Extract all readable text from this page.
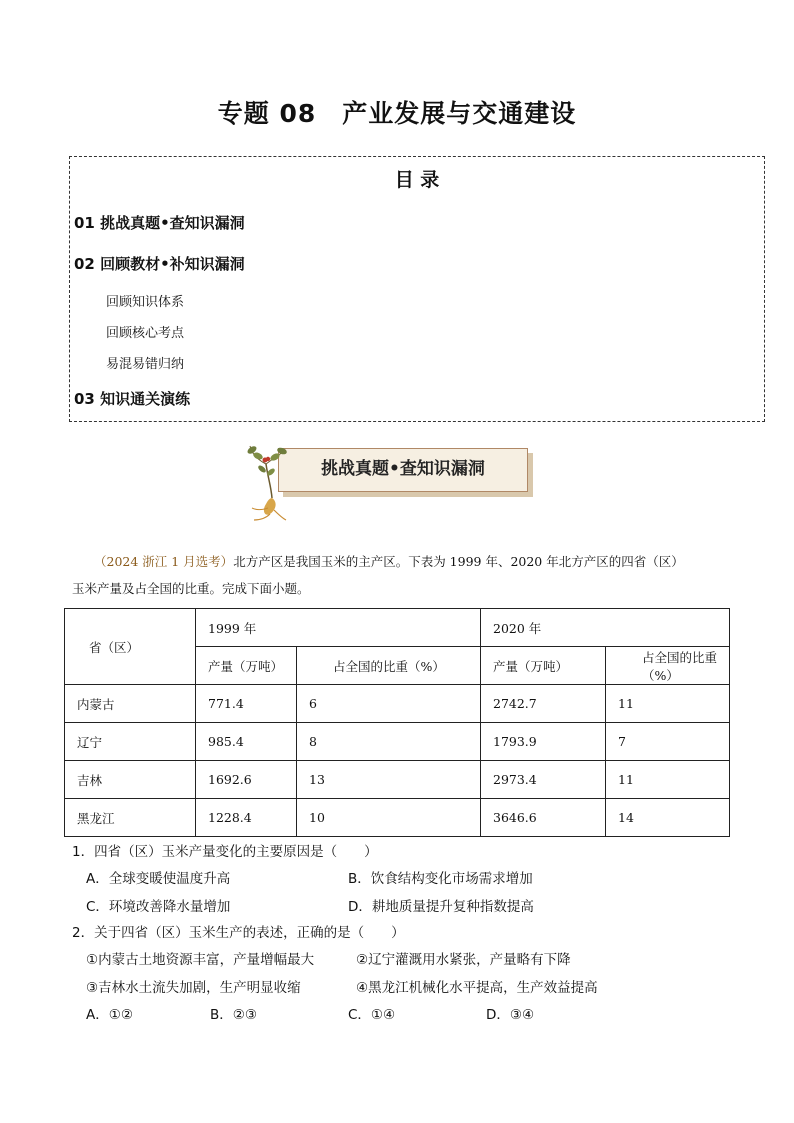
专题 08　产业发展与交通建设
目 录
01 挑战真题•查知识漏洞
02 回顾教材•补知识漏洞
回顾知识体系
回顾核心考点
易混易错归纳
03 知识通关演练
挑战真题•查知识漏洞
（2024 浙江 1 月选考）北方产区是我国玉米的主产区。下表为 1999 年、2020 年北方产区的四省（区）
玉米产量及占全国的比重。完成下面小题。
省（区）	1999 年		2020 年	
	产量（万吨）	占全国的比重（%）	产量（万吨）	占全国的比重（%）
内蒙古	771.4	6	2742.7	11
辽宁	985.4	8	1793.9	7
吉林	1692.6	13	2973.4	11
黑龙江	1228.4	10	3646.6	14
1．四省（区）玉米产量变化的主要原因是（　　）
A．全球变暖使温度升高	B．饮食结构变化市场需求增加
C．环境改善降水量增加	D．耕地质量提升复种指数提高
2．关于四省（区）玉米生产的表述，正确的是（　　）
①内蒙古土地资源丰富，产量增幅最大	②辽宁灌溉用水紧张，产量略有下降
③吉林水土流失加剧，生产明显收缩	④黑龙江机械化水平提高，生产效益提高
A．①②	B．②③	C．①④	D．③④
